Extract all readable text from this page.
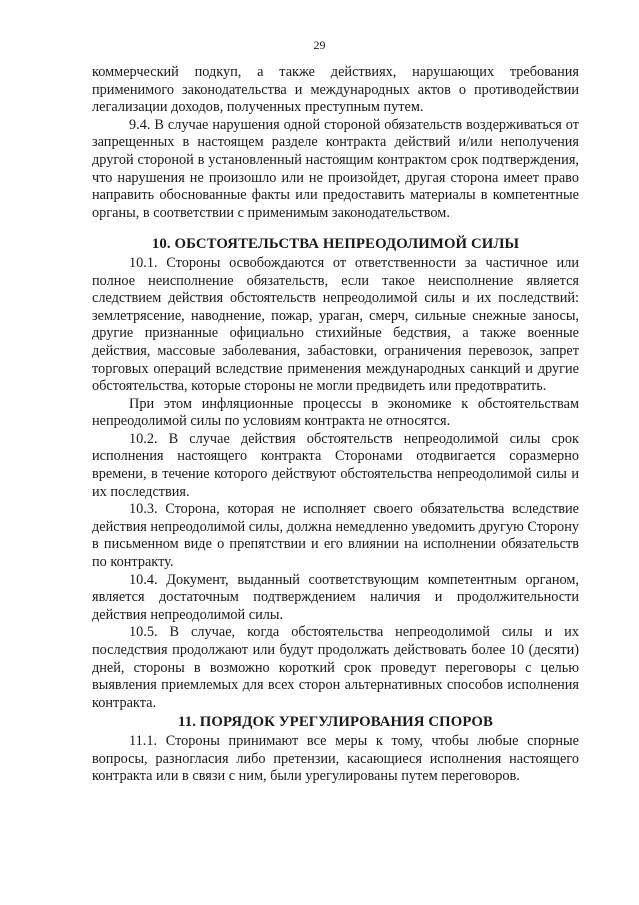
29

коммерческий подкуп, а также действиях, нарушающих требования применимого законодательства и международных актов о противодействии легализации доходов, полученных преступным путем.

9.4. В случае нарушения одной стороной обязательств воздерживаться от запрещенных в настоящем разделе контракта действий и/или неполучения другой стороной в установленный настоящим контрактом срок подтверждения, что нарушения не произошло или не произойдет, другая сторона имеет право направить обоснованные факты или предоставить материалы в компетентные органы, в соответствии с применимым законодательством.

10. ОБСТОЯТЕЛЬСТВА НЕПРЕОДОЛИМОЙ СИЛЫ

10.1. Стороны освобождаются от ответственности за частичное или полное неисполнение обязательств, если такое неисполнение является следствием действия обстоятельств непреодолимой силы и их последствий: землетрясение, наводнение, пожар, ураган, смерч, сильные снежные заносы, другие признанные официально стихийные бедствия, а также военные действия, массовые заболевания, забастовки, ограничения перевозок, запрет торговых операций вследствие применения международных санкций и другие обстоятельства, которые стороны не могли предвидеть или предотвратить.

При этом инфляционные процессы в экономике к обстоятельствам непреодолимой силы по условиям контракта не относятся.

10.2. В случае действия обстоятельств непреодолимой силы срок исполнения настоящего контракта Сторонами отодвигается соразмерно времени, в течение которого действуют обстоятельства непреодолимой силы и их последствия.

10.3. Сторона, которая не исполняет своего обязательства вследствие действия непреодолимой силы, должна немедленно уведомить другую Сторону в письменном виде о препятствии и его влиянии на исполнении обязательств по контракту.

10.4. Документ, выданный соответствующим компетентным органом, является достаточным подтверждением наличия и продолжительности действия непреодолимой силы.

10.5. В случае, когда обстоятельства непреодолимой силы и их последствия продолжают или будут продолжать действовать более 10 (десяти) дней, стороны в возможно короткий срок проведут переговоры с целью выявления приемлемых для всех сторон альтернативных способов исполнения контракта.

11. ПОРЯДОК УРЕГУЛИРОВАНИЯ СПОРОВ

11.1. Стороны принимают все меры к тому, чтобы любые спорные вопросы, разногласия либо претензии, касающиеся исполнения настоящего контракта или в связи с ним, были урегулированы путем переговоров.
